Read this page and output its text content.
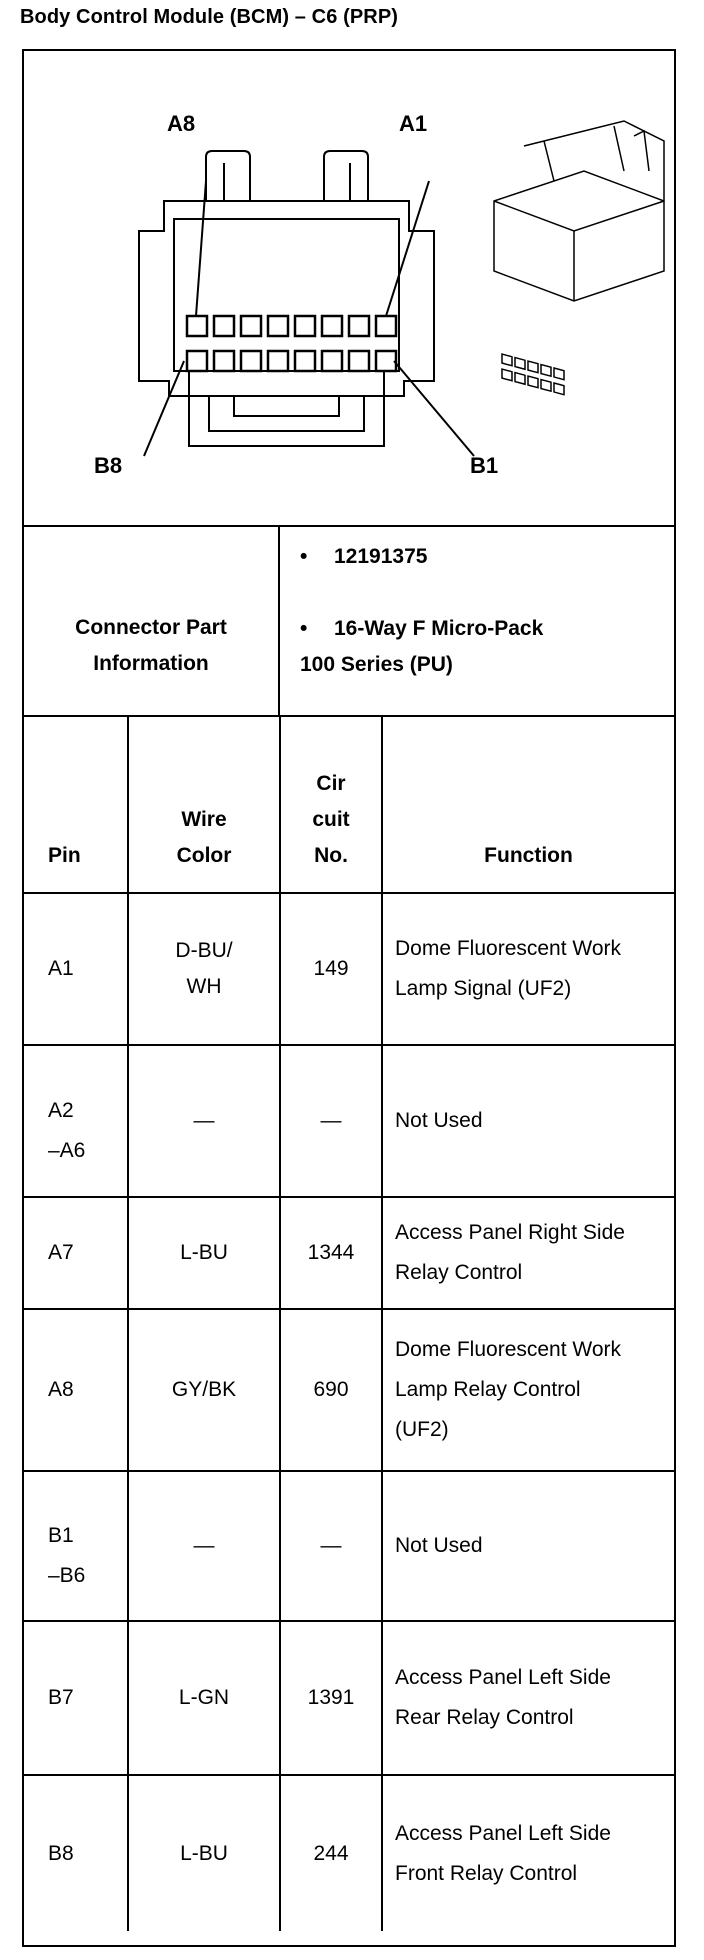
Body Control Module (BCM) – C6 (PRP)
A8	A1
B8	B1
Connector Part Information
• 12191375
• 16-Way F Micro-Pack
100 Series (PU)
Pin	Wire Color	Cir cuit No.	Function
A1	D-BU/ WH	149	Dome Fluorescent Work Lamp Signal (UF2)

A2 –A6	—	—	Not Used
A7	L-BU	1344	Access Panel Right Side Relay Control

A8	GY/BK	690	Dome Fluorescent Work Lamp Relay Control (UF2)

B1 –B6	—	—	Not Used
B7	L-GN	1391	Access Panel Left Side Rear Relay Control

B8	L-BU	244	Access Panel Left Side Front Relay Control
